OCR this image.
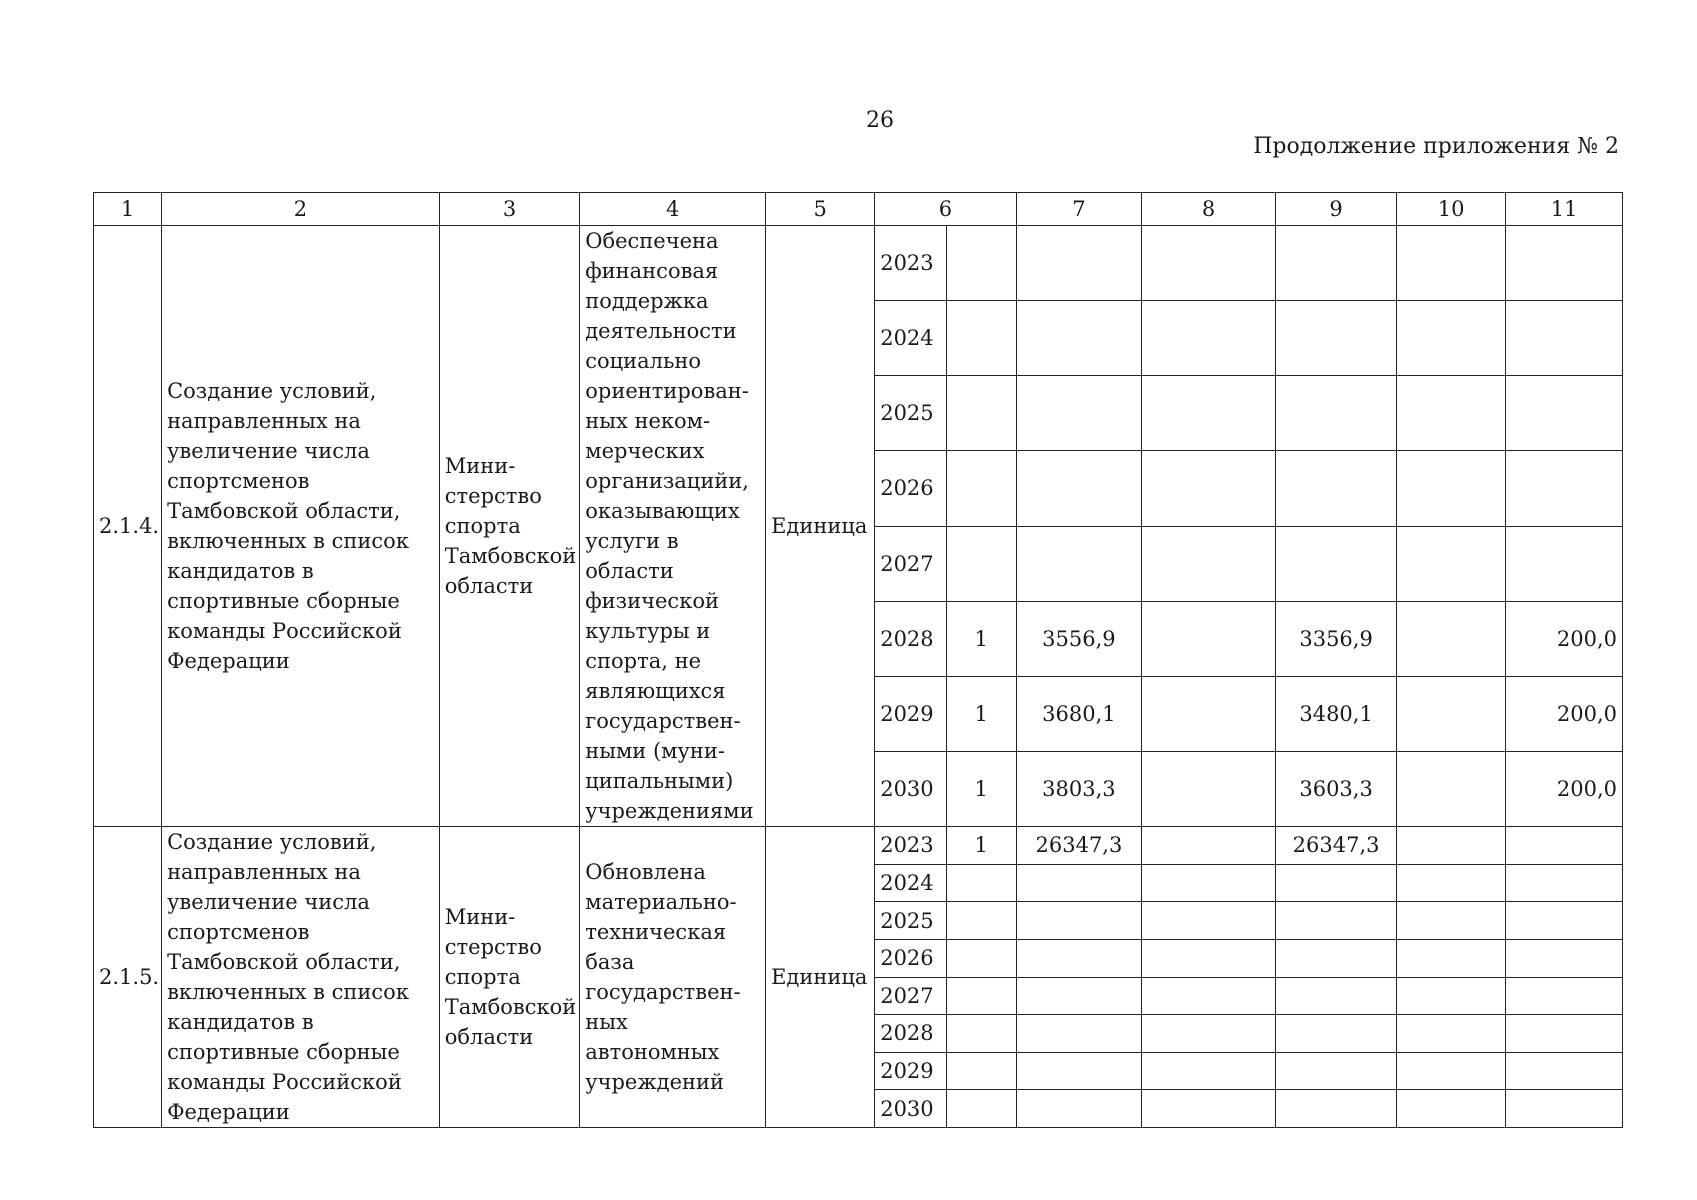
26
Продолжение приложения № 2
1	2	3	4	5	6		7	8	9	10	11
2.1.4.	Создание условий, направленных на увеличение числа спортсменов Тамбовской области, включенных в список кандидатов в спортивные сборные команды Российской Федерации	Мини-стерство спорта Тамбовской области	Обеспечена финансовая поддержка деятельности социально ориентирован-ных неком-мерческих организацийи, оказывающих услуги в области физической культуры и спорта, не являющихся государствен-ными (муни-ципальными) учреждениями	Единица	2023						
					2024						
					2025						
					2026						
					2027						
					2028	1	3556,9		3356,9		200,0
					2029	1	3680,1		3480,1		200,0
					2030	1	3803,3		3603,3		200,0
2.1.5.	Создание условий, направленных на увеличение числа спортсменов Тамбовской области, включенных в список кандидатов в спортивные сборные команды Российской Федерации	Мини-стерство спорта Тамбовской области	Обновлена материально-техническая база государствен-ных автономных учреждений	Единица	2023	1	26347,3		26347,3		
					2024						
					2025						
					2026						
					2027						
					2028						
					2029						
					2030						
